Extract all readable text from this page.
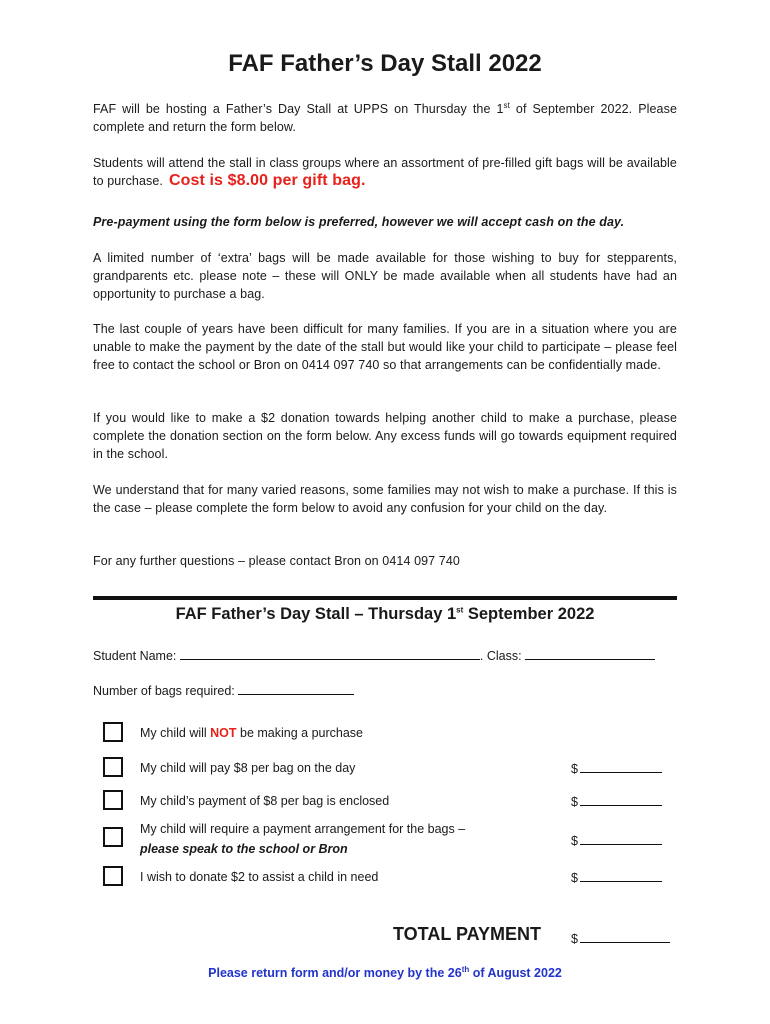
FAF Father’s Day Stall 2022
FAF will be hosting a Father’s Day Stall at UPPS on Thursday the 1st of September 2022. Please complete and return the form below.
Students will attend the stall in class groups where an assortment of pre-filled gift bags will be available to purchase. Cost is $8.00 per gift bag.
Pre-payment using the form below is preferred, however we will accept cash on the day.
A limited number of ‘extra’ bags will be made available for those wishing to buy for stepparents, grandparents etc. please note – these will ONLY be made available when all students have had an opportunity to purchase a bag.
The last couple of years have been difficult for many families. If you are in a situation where you are unable to make the payment by the date of the stall but would like your child to participate – please feel free to contact the school or Bron on 0414 097 740 so that arrangements can be confidentially made.
If you would like to make a $2 donation towards helping another child to make a purchase, please complete the donation section on the form below. Any excess funds will go towards equipment required in the school.
We understand that for many varied reasons, some families may not wish to make a purchase. If this is the case – please complete the form below to avoid any confusion for your child on the day.
For any further questions – please contact Bron on 0414 097 740
FAF Father’s Day Stall – Thursday 1st September 2022
Student Name:	. Class:
Number of bags required:
My child will NOT be making a purchase
My child will pay $8 per bag on the day	$
My child’s payment of $8 per bag is enclosed	$
My child will require a payment arrangement for the bags –
please speak to the school or Bron
$
I wish to donate $2 to assist a child in need	$
TOTAL PAYMENT $
Please return form and/or money by the 26th of August 2022
